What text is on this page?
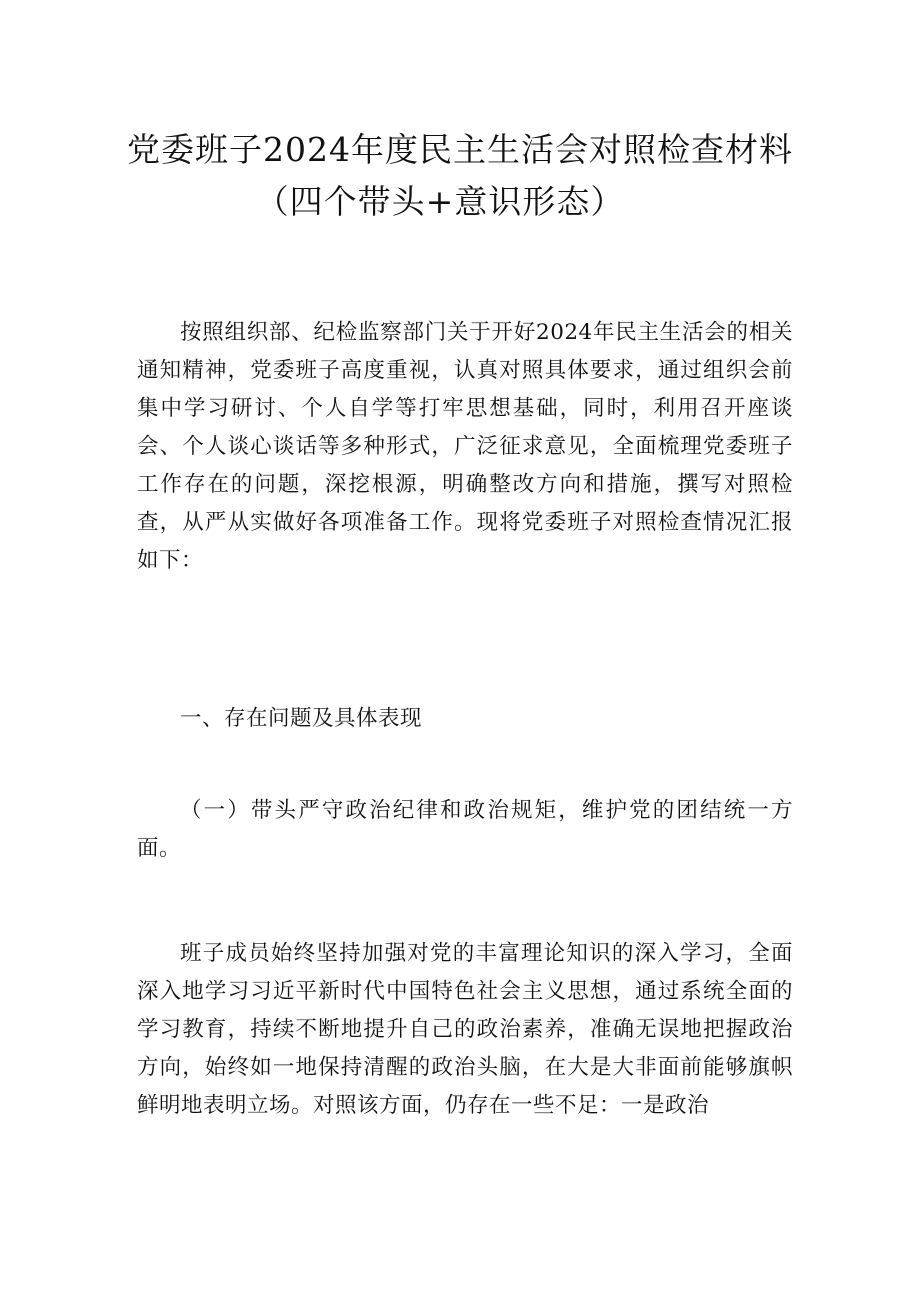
党委班子2024年度民主生活会对照检查材料
（四个带头+意识形态）

按照组织部、纪检监察部门关于开好2024年民主生活会的相关通知精神，党委班子高度重视，认真对照具体要求，通过组织会前集中学习研讨、个人自学等打牢思想基础，同时，利用召开座谈会、个人谈心谈话等多种形式，广泛征求意见，全面梳理党委班子工作存在的问题，深挖根源，明确整改方向和措施，撰写对照检查，从严从实做好各项准备工作。现将党委班子对照检查情况汇报如下：

一、存在问题及具体表现

（一）带头严守政治纪律和政治规矩，维护党的团结统一方面。

班子成员始终坚持加强对党的丰富理论知识的深入学习，全面深入地学习习近平新时代中国特色社会主义思想，通过系统全面的学习教育，持续不断地提升自己的政治素养，准确无误地把握政治方向，始终如一地保持清醒的政治头脑，在大是大非面前能够旗帜鲜明地表明立场。对照该方面，仍存在一些不足：一是政治
